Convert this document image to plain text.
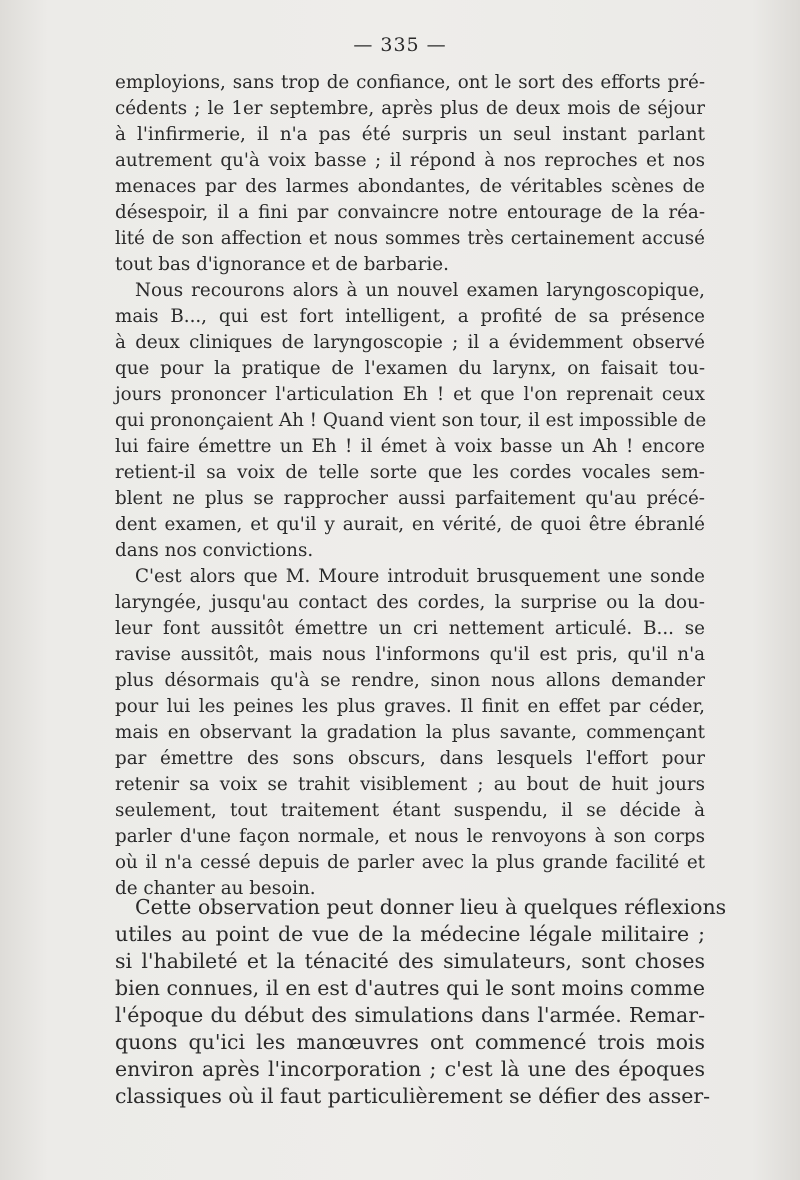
— 335 —
employions, sans trop de confiance, ont le sort des efforts pré-
cédents ; le 1er septembre, après plus de deux mois de séjour
à l'infirmerie, il n'a pas été surpris un seul instant parlant
autrement qu'à voix basse ; il répond à nos reproches et nos
menaces par des larmes abondantes, de véritables scènes de
désespoir, il a fini par convaincre notre entourage de la réa-
lité de son affection et nous sommes très certainement accusé
tout bas d'ignorance et de barbarie.
Nous recourons alors à un nouvel examen laryngoscopique,
mais B..., qui est fort intelligent, a profité de sa présence
à deux cliniques de laryngoscopie ; il a évidemment observé
que pour la pratique de l'examen du larynx, on faisait tou-
jours prononcer l'articulation Eh ! et que l'on reprenait ceux
qui prononçaient Ah ! Quand vient son tour, il est impossible de
lui faire émettre un Eh ! il émet à voix basse un Ah ! encore
retient-il sa voix de telle sorte que les cordes vocales sem-
blent ne plus se rapprocher aussi parfaitement qu'au précé-
dent examen, et qu'il y aurait, en vérité, de quoi être ébranlé
dans nos convictions.
C'est alors que M. Moure introduit brusquement une sonde
laryngée, jusqu'au contact des cordes, la surprise ou la dou-
leur font aussitôt émettre un cri nettement articulé. B... se
ravise aussitôt, mais nous l'informons qu'il est pris, qu'il n'a
plus désormais qu'à se rendre, sinon nous allons demander
pour lui les peines les plus graves. Il finit en effet par céder,
mais en observant la gradation la plus savante, commençant
par émettre des sons obscurs, dans lesquels l'effort pour
retenir sa voix se trahit visiblement ; au bout de huit jours
seulement, tout traitement étant suspendu, il se décide à
parler d'une façon normale, et nous le renvoyons à son corps
où il n'a cessé depuis de parler avec la plus grande facilité et
de chanter au besoin.
Cette observation peut donner lieu à quelques réflexions
utiles au point de vue de la médecine légale militaire ;
si l'habileté et la ténacité des simulateurs, sont choses
bien connues, il en est d'autres qui le sont moins comme
l'époque du début des simulations dans l'armée. Remar-
quons qu'ici les manœuvres ont commencé trois mois
environ après l'incorporation ; c'est là une des époques
classiques où il faut particulièrement se défier des asser-
